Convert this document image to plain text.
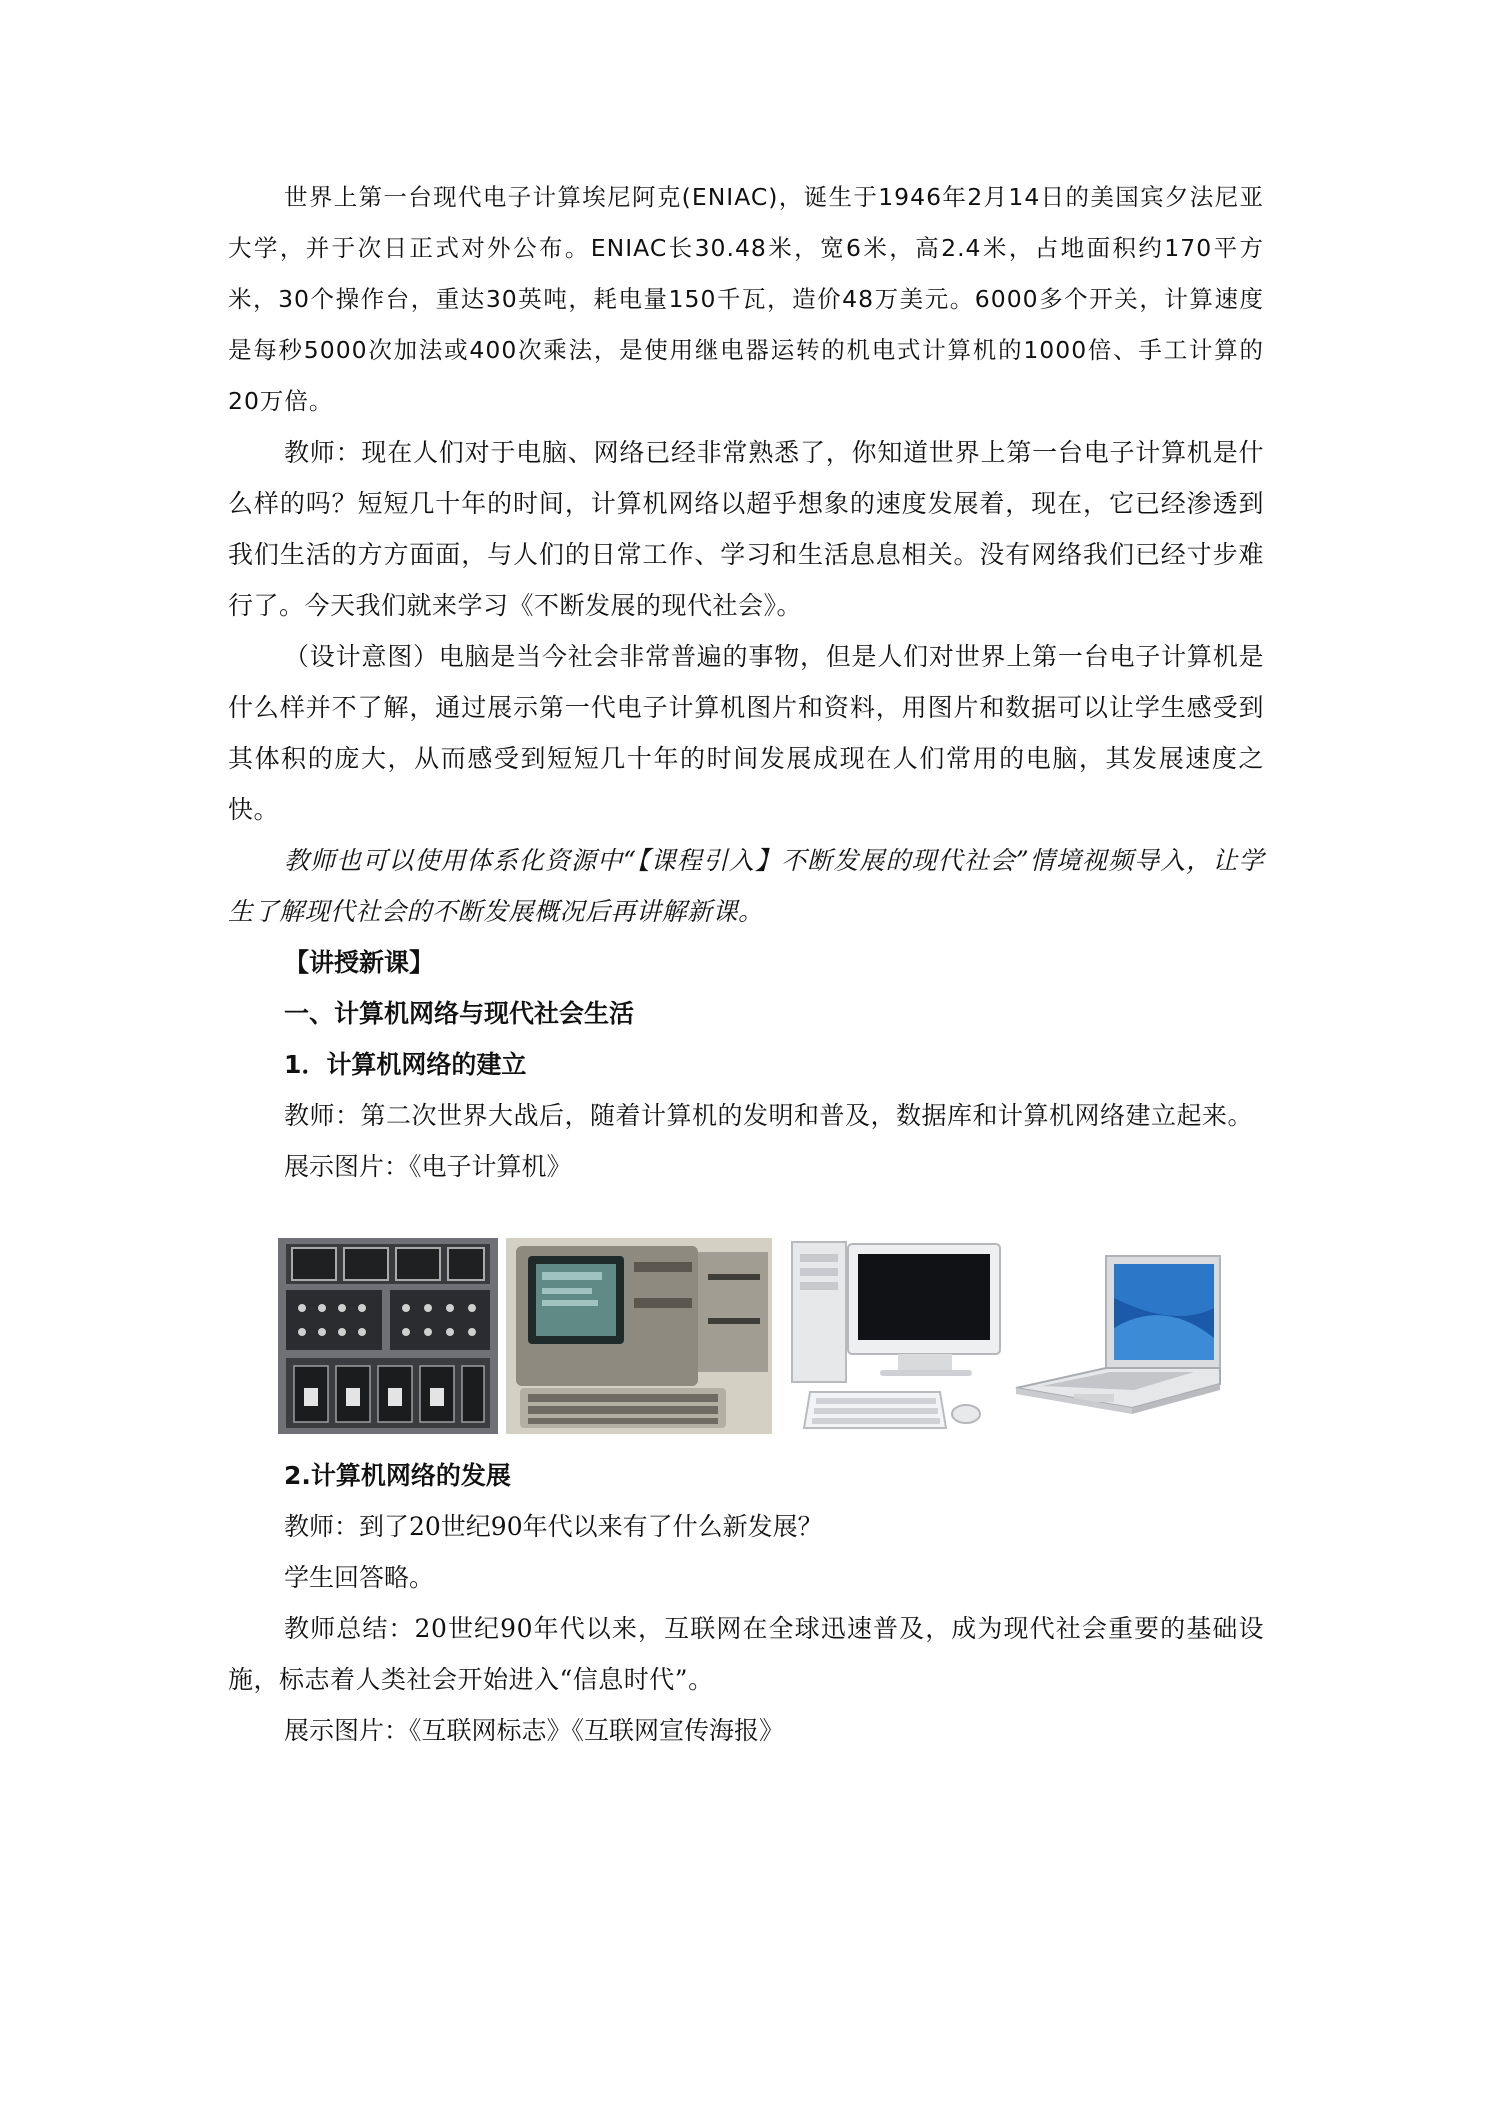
世界上第一台现代电子计算埃尼阿克(ENIAC)，诞生于1946年2月14日的美国宾夕法尼亚大学，并于次日正式对外公布。ENIAC长30.48米，宽6米，高2.4米，占地面积约170平方米，30个操作台，重达30英吨，耗电量150千瓦，造价48万美元。6000多个开关，计算速度是每秒5000次加法或400次乘法，是使用继电器运转的机电式计算机的1000倍、手工计算的20万倍。

教师：现在人们对于电脑、网络已经非常熟悉了，你知道世界上第一台电子计算机是什么样的吗？短短几十年的时间，计算机网络以超乎想象的速度发展着，现在，它已经渗透到我们生活的方方面面，与人们的日常工作、学习和生活息息相关。没有网络我们已经寸步难行了。今天我们就来学习《不断发展的现代社会》。

（设计意图）电脑是当今社会非常普遍的事物，但是人们对世界上第一台电子计算机是什么样并不了解，通过展示第一代电子计算机图片和资料，用图片和数据可以让学生感受到其体积的庞大，从而感受到短短几十年的时间发展成现在人们常用的电脑，其发展速度之快。

教师也可以使用体系化资源中“【课程引入】不断发展的现代社会”情境视频导入，让学生了解现代社会的不断发展概况后再讲解新课。

【讲授新课】

一、计算机网络与现代社会生活

1．计算机网络的建立

教师：第二次世界大战后，随着计算机的发明和普及，数据库和计算机网络建立起来。

展示图片：《电子计算机》

2.计算机网络的发展

教师：到了20世纪90年代以来有了什么新发展？

学生回答略。

教师总结：20世纪90年代以来，互联网在全球迅速普及，成为现代社会重要的基础设施，标志着人类社会开始进入“信息时代”。

展示图片：《互联网标志》《互联网宣传海报》
